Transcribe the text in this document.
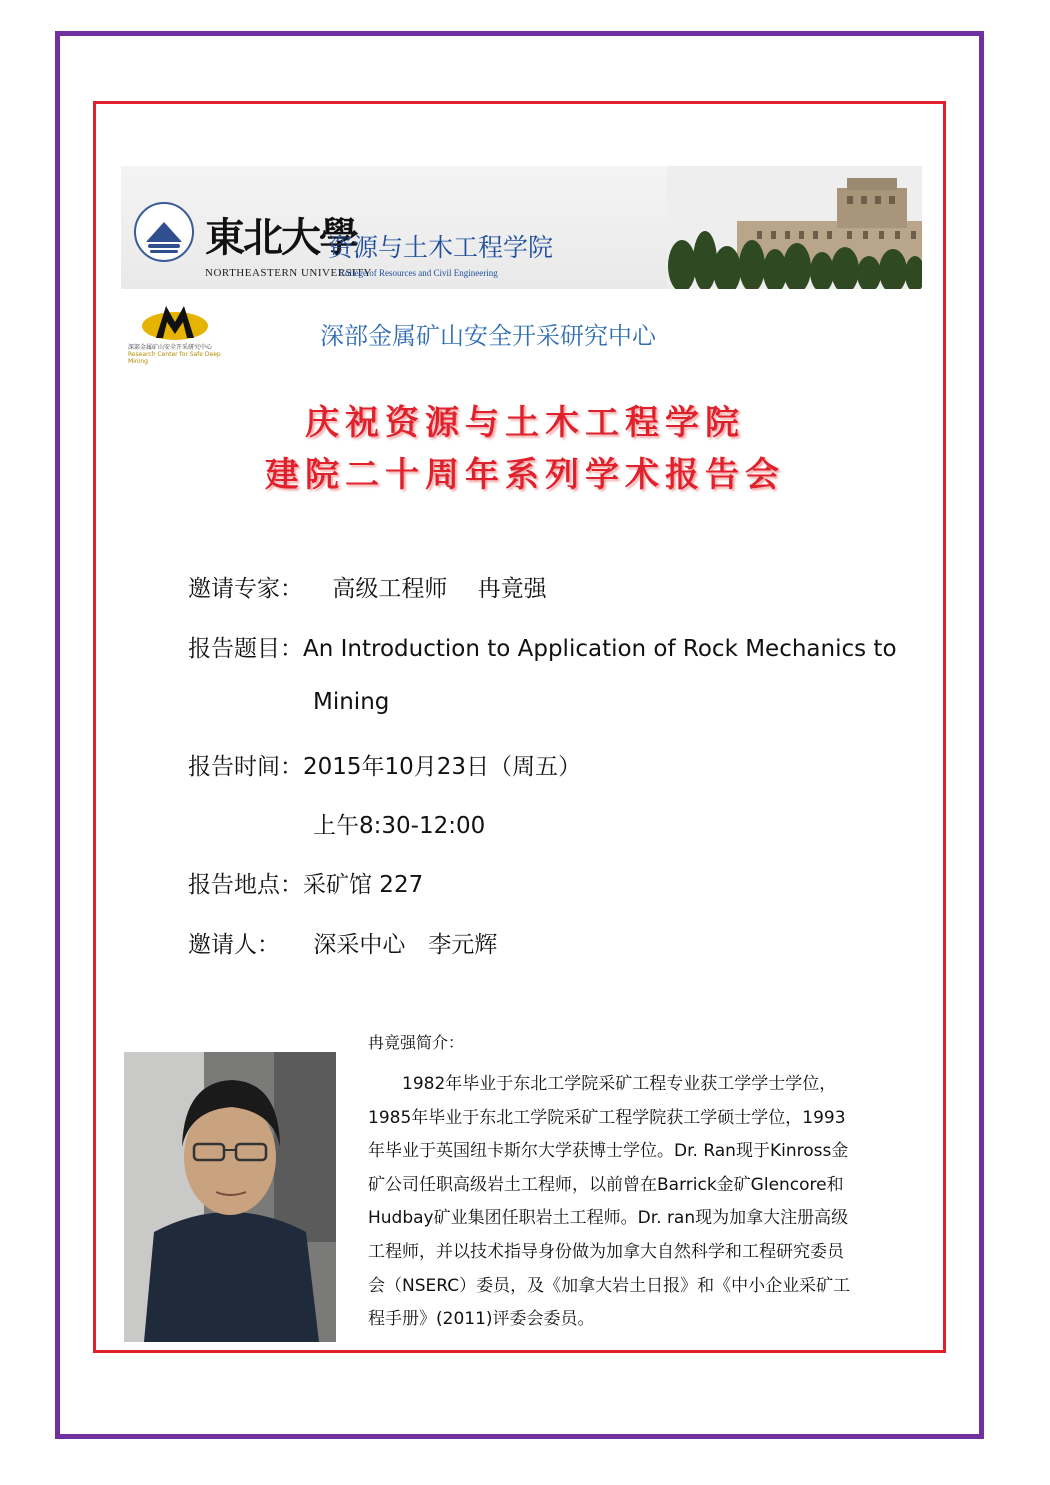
東北大學
NORTHEASTERN UNIVERSITY
资源与土木工程学院
College of Resources and Civil Engineering
深部金属矿山安全开采研究中心
Research Center for Safe Deep Mining
深部金属矿山安全开采研究中心
庆祝资源与土木工程学院
建院二十周年系列学术报告会
邀请专家： 高级工程师　 冉竟强
报告题目：An Introduction to Application of Rock Mechanics to
Mining
报告时间：2015年10月23日（周五）
上午8:30-12:00
报告地点：采矿馆 227
邀请人： 深采中心　李元辉
冉竟强简介：
　　1982年毕业于东北工学院采矿工程专业获工学学士学位，
1985年毕业于东北工学院采矿工程学院获工学硕士学位，1993
年毕业于英国纽卡斯尔大学获博士学位。Dr. Ran现于Kinross金
矿公司任职高级岩土工程师，以前曾在Barrick金矿Glencore和
Hudbay矿业集团任职岩土工程师。Dr. ran现为加拿大注册高级
工程师，并以技术指导身份做为加拿大自然科学和工程研究委员
会（NSERC）委员，及《加拿大岩土日报》和《中小企业采矿工
程手册》(2011)评委会委员。
